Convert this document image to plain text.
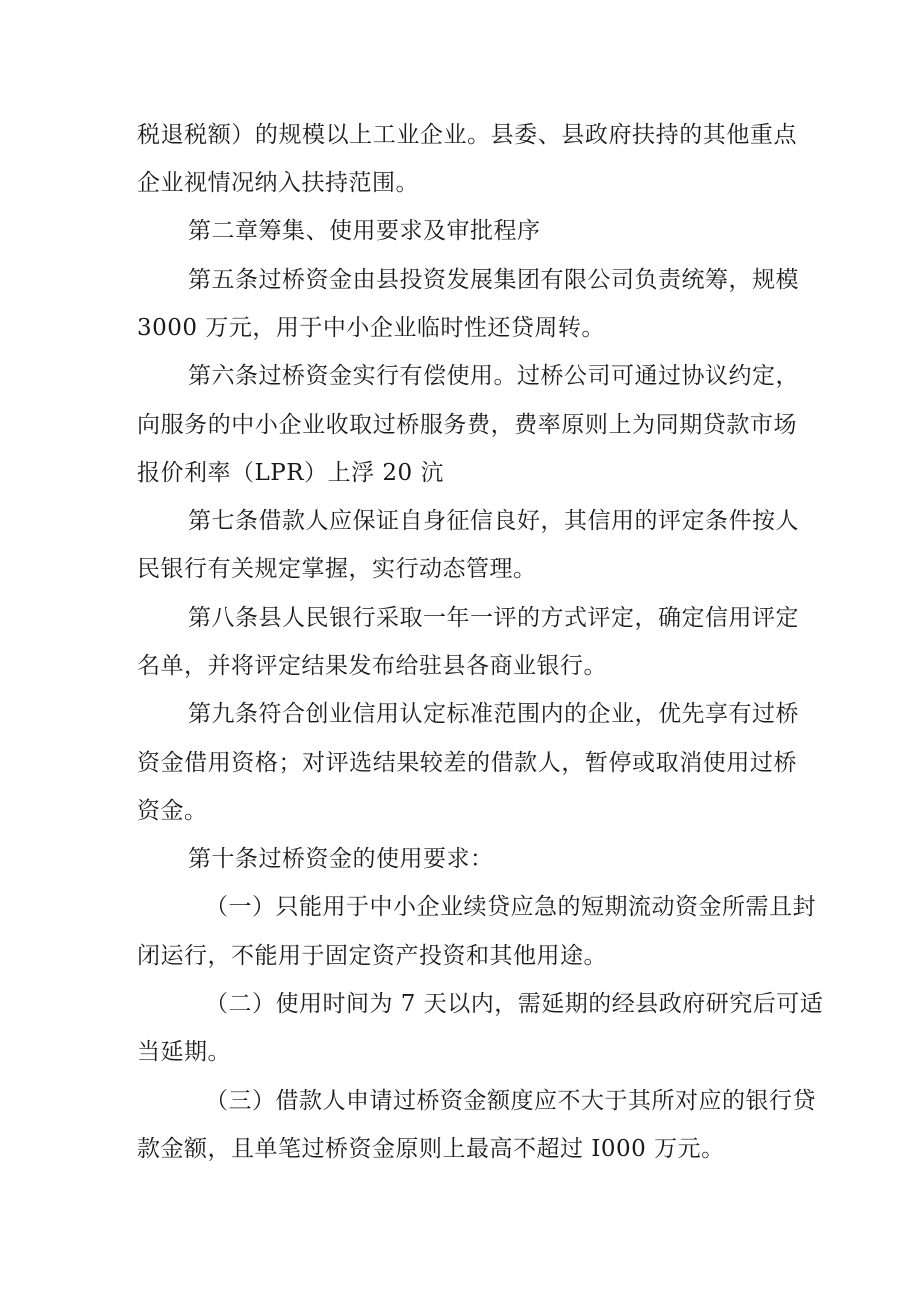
税退税额）的规模以上工业企业。县委、县政府扶持的其他重点
企业视情况纳入扶持范围。
第二章筹集、使用要求及审批程序
第五条过桥资金由县投资发展集团有限公司负责统筹，规模
3000 万元，用于中小企业临时性还贷周转。
第六条过桥资金实行有偿使用。过桥公司可通过协议约定，
向服务的中小企业收取过桥服务费，费率原则上为同期贷款市场
报价利率（LPR）上浮 20 沆
第七条借款人应保证自身征信良好，其信用的评定条件按人
民银行有关规定掌握，实行动态管理。
第八条县人民银行采取一年一评的方式评定，确定信用评定
名单，并将评定结果发布给驻县各商业银行。
第九条符合创业信用认定标准范围内的企业，优先享有过桥
资金借用资格；对评选结果较差的借款人，暂停或取消使用过桥
资金。
第十条过桥资金的使用要求：
（一）只能用于中小企业续贷应急的短期流动资金所需且封
闭运行，不能用于固定资产投资和其他用途。
（二）使用时间为 7 天以内，需延期的经县政府研究后可适
当延期。
（三）借款人申请过桥资金额度应不大于其所对应的银行贷
款金额，且单笔过桥资金原则上最高不超过 I000 万元。
